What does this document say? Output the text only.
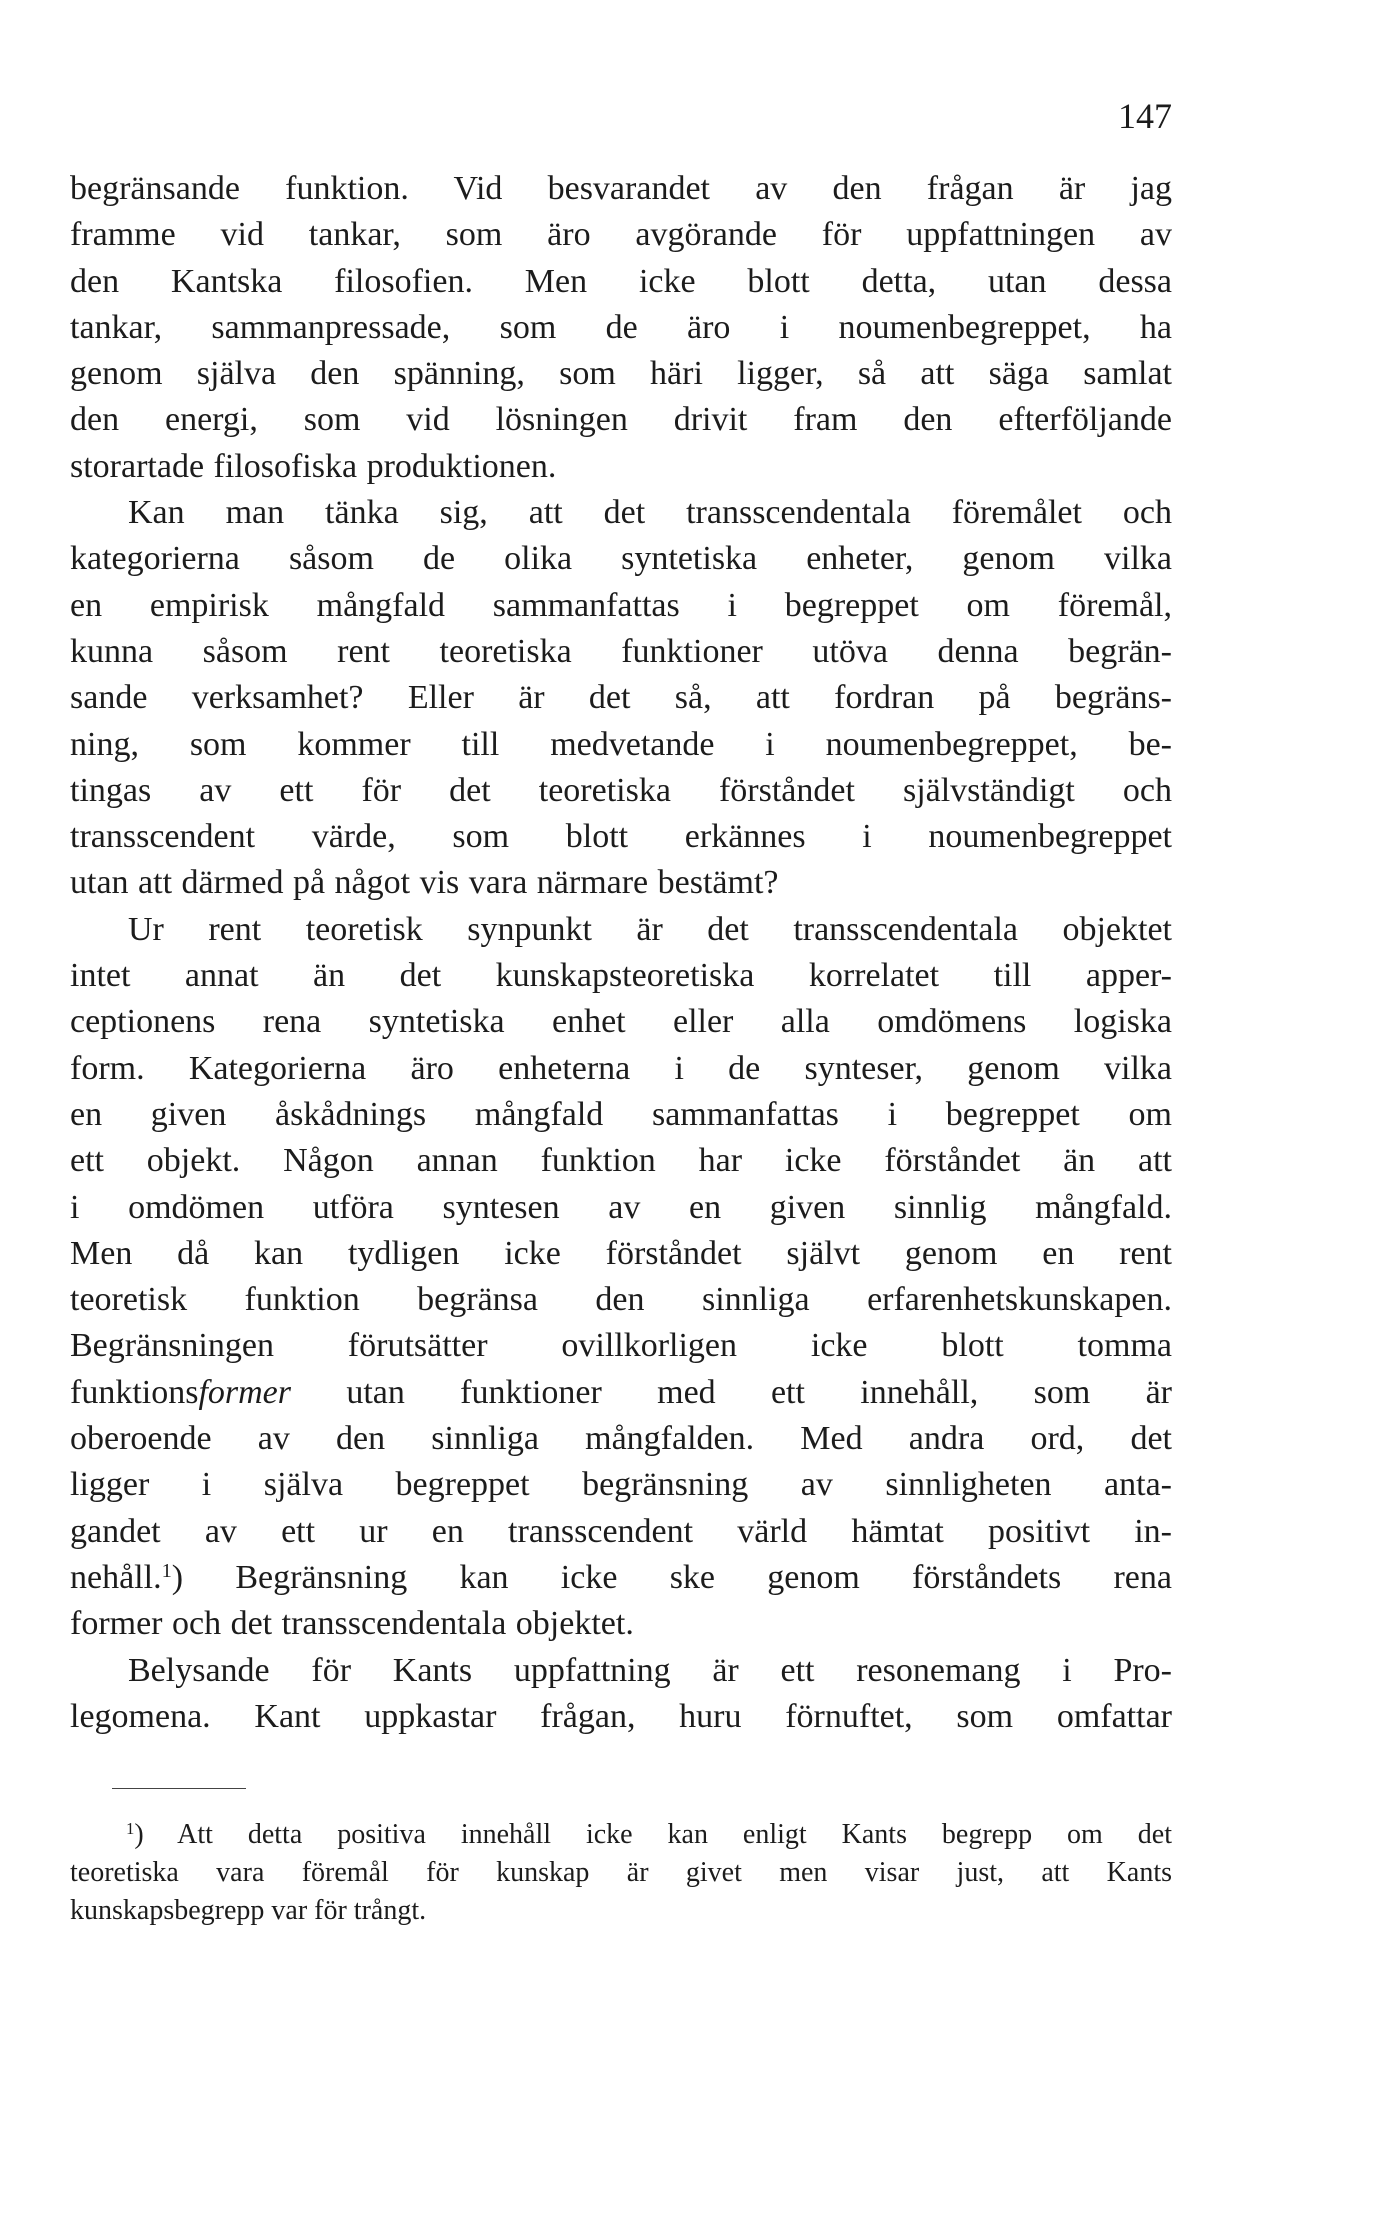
147
begränsande funktion. Vid besvarandet av den frågan är jag
framme vid tankar, som äro avgörande för uppfattningen av
den Kantska filosofien. Men icke blott detta, utan dessa
tankar, sammanpressade, som de äro i noumenbegreppet, ha
genom själva den spänning, som häri ligger, så att säga samlat
den energi, som vid lösningen drivit fram den efterföljande
storartade filosofiska produktionen.
Kan man tänka sig, att det transscendentala föremålet och
kategorierna såsom de olika syntetiska enheter, genom vilka
en empirisk mångfald sammanfattas i begreppet om föremål,
kunna såsom rent teoretiska funktioner utöva denna begrän-
sande verksamhet? Eller är det så, att fordran på begräns-
ning, som kommer till medvetande i noumenbegreppet, be-
tingas av ett för det teoretiska förståndet självständigt och
transscendent värde, som blott erkännes i noumenbegreppet
utan att därmed på något vis vara närmare bestämt?
Ur rent teoretisk synpunkt är det transscendentala objektet
intet annat än det kunskapsteoretiska korrelatet till apper-
ceptionens rena syntetiska enhet eller alla omdömens logiska
form. Kategorierna äro enheterna i de synteser, genom vilka
en given åskådnings mångfald sammanfattas i begreppet om
ett objekt. Någon annan funktion har icke förståndet än att
i omdömen utföra syntesen av en given sinnlig mångfald.
Men då kan tydligen icke förståndet självt genom en rent
teoretisk funktion begränsa den sinnliga erfarenhetskunskapen.
Begränsningen förutsätter ovillkorligen icke blott tomma
funktionsformer utan funktioner med ett innehåll, som är
oberoende av den sinnliga mångfalden. Med andra ord, det
ligger i själva begreppet begränsning av sinnligheten anta-
gandet av ett ur en transscendent värld hämtat positivt in-
nehåll.$^1$) Begränsning kan icke ske genom förståndets rena
former och det transscendentala objektet.
Belysande för Kants uppfattning är ett resonemang i Pro-
legomena. Kant uppkastar frågan, huru förnuftet, som omfattar
$^1$) Att detta positiva innehåll icke kan enligt Kants begrepp om det
teoretiska vara föremål för kunskap är givet men visar just, att Kants
kunskapsbegrepp var för trångt.
